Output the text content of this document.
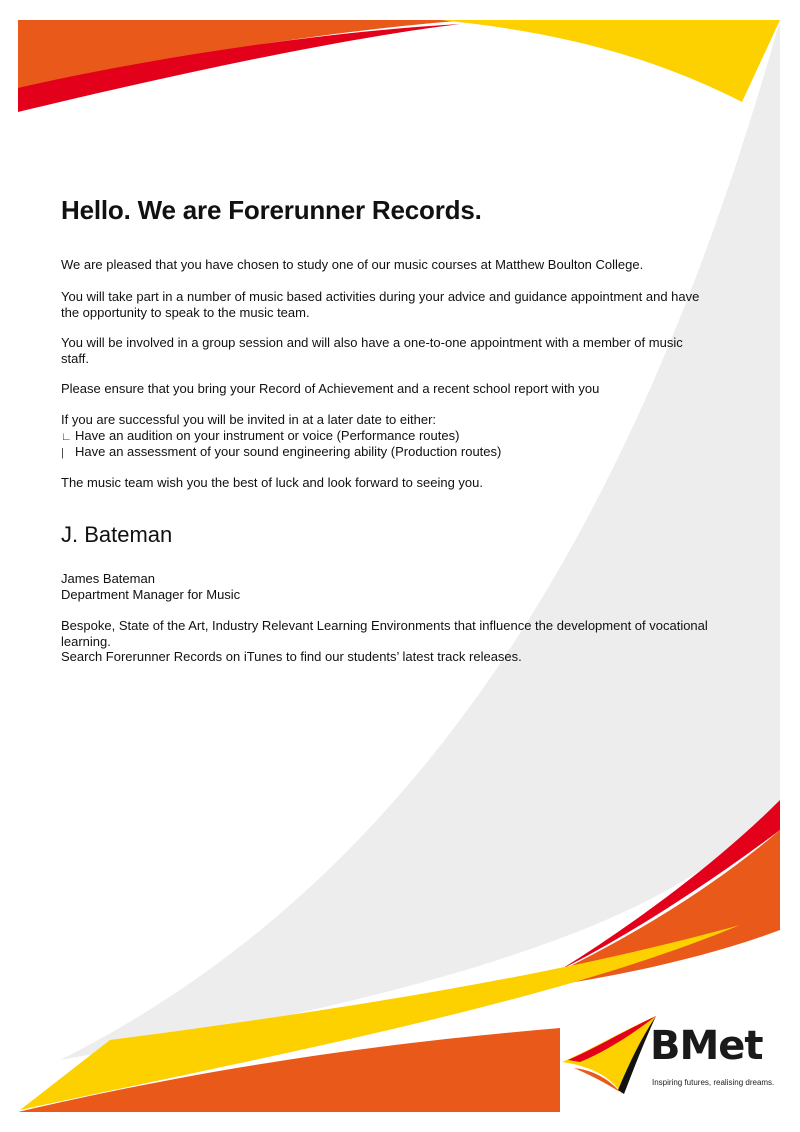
Hello. We are Forerunner Records.

We are pleased that you have chosen to study one of our music courses at Matthew Boulton College.

You will take part in a number of music based activities during your advice and guidance appointment and have the opportunity to speak to the music team.

You will be involved in a group session and will also have a one-to-one appointment with a member of music staff.

Please ensure that you bring your Record of Achievement and a recent school report with you

If you are successful you will be invited in at a later date to either:

∟ Have an audition on your instrument or voice (Performance routes)
| Have an assessment of your sound engineering ability (Production routes)

The music team wish you the best of luck and look forward to seeing you.

J. Bateman

James Bateman

Department Manager for Music

Bespoke, State of the Art, Industry Relevant Learning Environments that influence the development of vocational learning.

Search Forerunner Records on iTunes to find our students’ latest track releases.

BMet
Inspiring futures, realising dreams.
